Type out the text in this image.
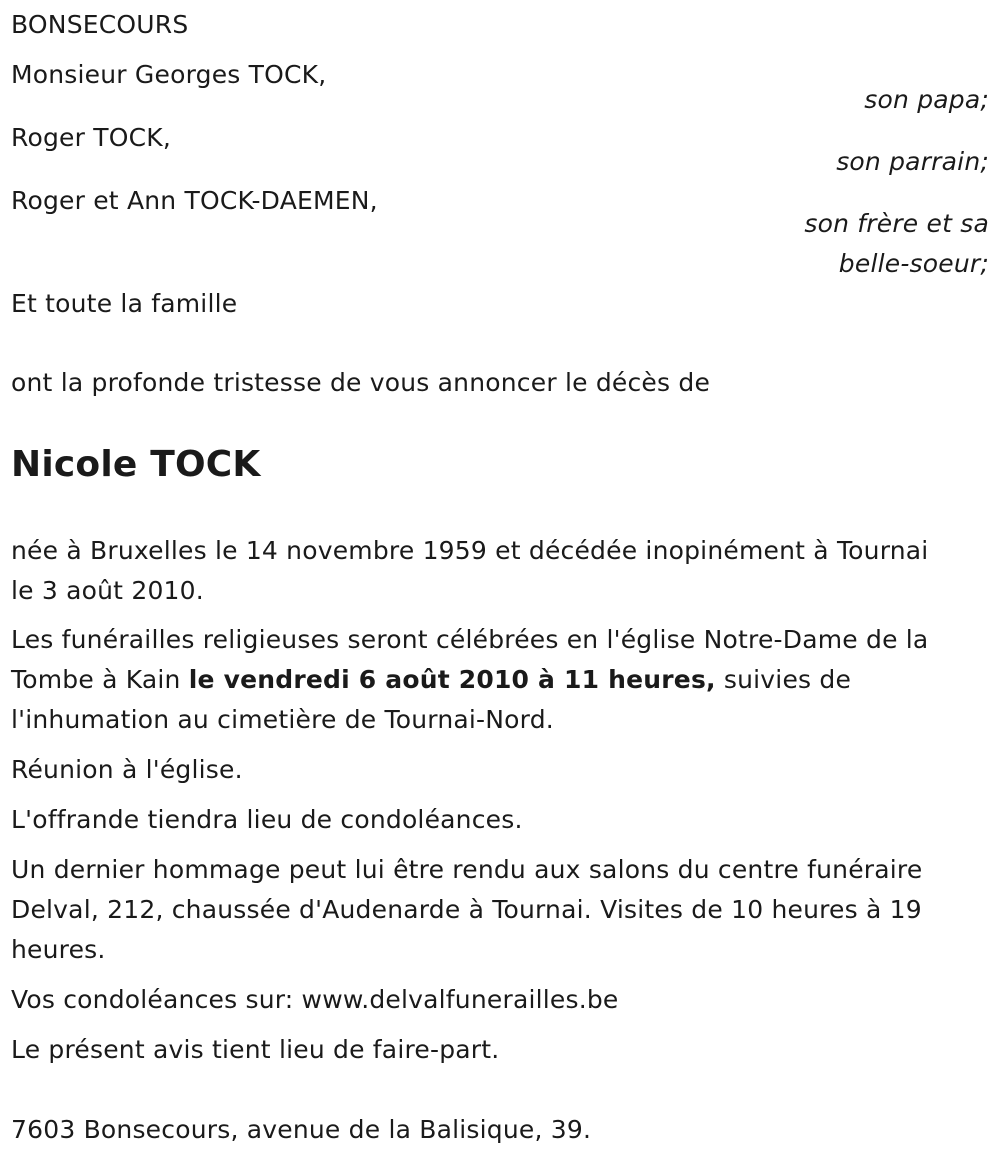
BONSECOURS
Monsieur Georges TOCK,
son papa;
Roger TOCK,
son parrain;
Roger et Ann TOCK-DAEMEN,
son frère et sa
belle-soeur;
Et toute la famille
ont la profonde tristesse de vous annoncer le décès de
Nicole TOCK
née à Bruxelles le 14 novembre 1959 et décédée inopinément à Tournai
le 3 août 2010.
Les funérailles religieuses seront célébrées en l'église Notre-Dame de la
Tombe à Kain le vendredi 6 août 2010 à 11 heures, suivies de
l'inhumation au cimetière de Tournai-Nord.
Réunion à l'église.
L'offrande tiendra lieu de condoléances.
Un dernier hommage peut lui être rendu aux salons du centre funéraire
Delval, 212, chaussée d'Audenarde à Tournai. Visites de 10 heures à 19
heures.
Vos condoléances sur: www.delvalfunerailles.be
Le présent avis tient lieu de faire-part.
7603 Bonsecours, avenue de la Balisique, 39.
